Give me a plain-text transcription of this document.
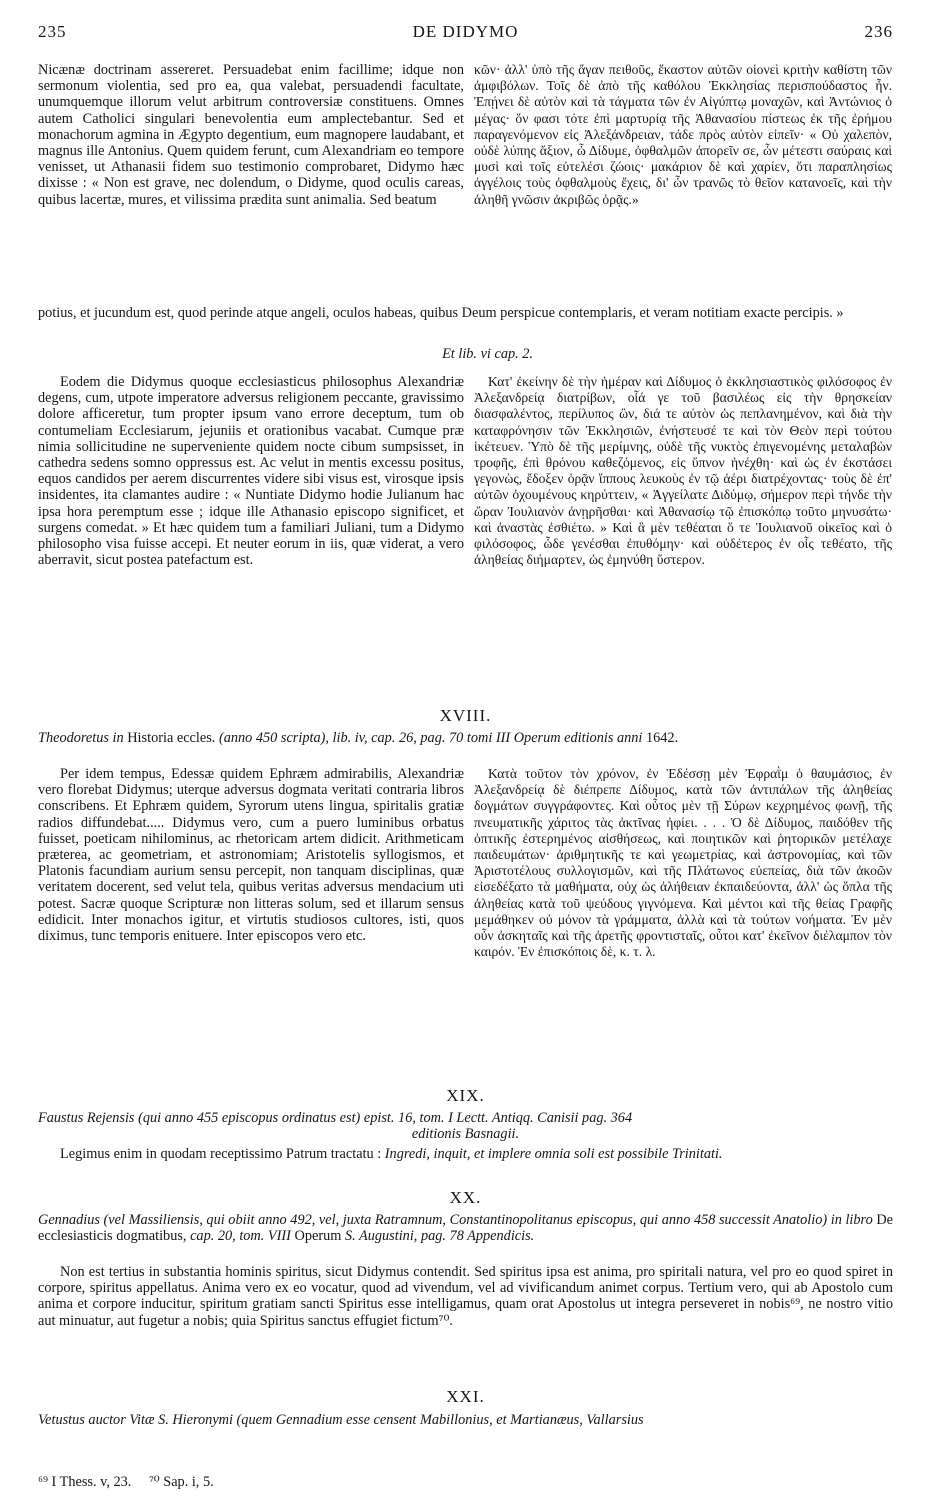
235	DE DIDYMO	236
Nicænæ doctrinam assereret. Persuadebat enim facillime; idque non sermonum violentia, sed pro ea, qua valebat, persuadendi facultate, unumquemque illorum velut arbitrum controversiæ constituens. Omnes autem Catholici singulari benevolentia eum amplectebantur. Sed et monachorum agmina in Ægypto degentium, eum magnopere laudabant, et magnus ille Antonius. Quem quidem ferunt, cum Alexandriam eo tempore venisset, ut Athanasii fidem suo testimonio comprobaret, Didymo hæc dixisse : « Non est grave, nec dolendum, o Didyme, quod oculis careas, quibus lacertæ, mures, et vilissima prædita sunt animalia. Sed beatum
κῶν· ἀλλ' ὑπὸ τῆς ἄγαν πειθοῦς, ἕκαστον αὐτῶν οἱονεὶ κριτὴν καθίστη τῶν ἀμφιβόλων. Τοῖς δὲ ἀπὸ τῆς καθόλου Ἐκκλησίας περισπούδαστος ἦν. Ἐπῄνει δὲ αὐτὸν καὶ τὰ τάγματα τῶν ἐν Αἰγύπτῳ μοναχῶν, καὶ Ἀντώνιος ὁ μέγας· ὅν φασι τότε ἐπὶ μαρτυρίᾳ τῆς Ἀθανασίου πίστεως ἐκ τῆς ἐρήμου παραγενόμενον εἰς Ἀλεξάνδρειαν, τάδε πρὸς αὐτὸν εἰπεῖν· « Οὐ χαλεπὸν, οὐδὲ λύπης ἄξιον, ὦ Δίδυμε, ὀφθαλμῶν ἀπορεῖν σε, ὧν μέτεστι σαύραις καὶ μυσὶ καὶ τοῖς εὐτελέσι ζώοις· μακάριον δὲ καὶ χαρίεν, ὅτι παραπλησίως ἀγγέλοις τοὺς ὀφθαλμοὺς ἔχεις, δι' ὧν τρανῶς τὸ θεῖον κατανοεῖς, καὶ τὴν ἀληθῆ γνῶσιν ἀκριβῶς ὁρᾷς.»
potius, et jucundum est, quod perinde atque angeli, oculos habeas, quibus Deum perspicue contemplaris, et veram notitiam exacte percipis. »
Et lib. vi cap. 2.
Eodem die Didymus quoque ecclesiasticus philosophus Alexandriæ degens, cum, utpote imperatore adversus religionem peccante, gravissimo dolore afficeretur, tum propter ipsum vano errore deceptum, tum ob contumeliam Ecclesiarum, jejuniis et orationibus vacabat. Cumque præ nimia sollicitudine ne superveniente quidem nocte cibum sumpsisset, in cathedra sedens somno oppressus est. Ac velut in mentis excessu positus, equos candidos per aerem discurrentes videre sibi visus est, virosque ipsis insidentes, ita clamantes audire : « Nuntiate Didymo hodie Julianum hac ipsa hora peremptum esse ; idque ille Athanasio episcopo significet, et surgens comedat. » Et hæc quidem tum a familiari Juliani, tum a Didymo philosopho visa fuisse accepi. Et neuter eorum in iis, quæ viderat, a vero aberravit, sicut postea patefactum est.
Κατ' ἐκείνην δὲ τὴν ἡμέραν καὶ Δίδυμος ὁ ἐκκλησιαστικὸς φιλόσοφος ἐν Ἀλεξανδρείᾳ διατρίβων, οἷά γε τοῦ βασιλέως εἰς τὴν θρησκείαν διασφαλέντος, περίλυπος ὢν, διά τε αὐτὸν ὡς πεπλανημένον, καὶ διὰ τὴν καταφρόνησιν τῶν Ἐκκλησιῶν, ἐνήστευσέ τε καὶ τὸν Θεὸν περὶ τούτου ἱκέτευεν. Ὑπὸ δὲ τῆς μερίμνης, οὐδὲ τῆς νυκτὸς ἐπιγενομένης μεταλαβὼν τροφῆς, ἐπὶ θρόνου καθεζόμενος, εἰς ὕπνον ἠνέχθη· καὶ ὡς ἐν ἐκστάσει γεγονὼς, ἔδοξεν ὁρᾷν ἵππους λευκοὺς ἐν τῷ ἀέρι διατρέχοντας· τοὺς δὲ ἐπ' αὐτῶν ὀχουμένους κηρύττειν, « Ἀγγείλατε Διδύμῳ, σήμερον περὶ τήνδε τὴν ὥραν Ἰουλιανὸν ἀνῃρῆσθαι· καὶ Ἀθανασίῳ τῷ ἐπισκόπῳ τοῦτο μηνυσάτω· καὶ ἀναστὰς ἐσθιέτω. » Καὶ ἃ μὲν τεθέαται ὅ τε Ἰουλιανοῦ οἰκεῖος καὶ ὁ φιλόσοφος, ὧδε γενέσθαι ἐπυθόμην· καὶ οὐδέτερος ἐν οἷς τεθέατο, τῆς ἀληθείας διήμαρτεν, ὡς ἐμηνύθη ὕστερον.
XVIII.
Theodoretus in Historia eccles. (anno 450 scripta), lib. iv, cap. 26, pag. 70 tomi III Operum editionis anni 1642.
Per idem tempus, Edessæ quidem Ephræm admirabilis, Alexandriæ vero florebat Didymus; uterque adversus dogmata veritati contraria libros conscribens. Et Ephræm quidem, Syrorum utens lingua, spiritalis gratiæ radios diffundebat..... Didymus vero, cum a puero luminibus orbatus fuisset, poeticam nihilominus, ac rhetoricam artem didicit. Arithmeticam præterea, ac geometriam, et astronomiam; Aristotelis syllogismos, et Platonis facundiam aurium sensu percepit, non tanquam disciplinas, quæ veritatem docerent, sed velut tela, quibus veritas adversus mendacium uti potest. Sacræ quoque Scripturæ non litteras solum, sed et illarum sensus edidicit. Inter monachos igitur, et virtutis studiosos cultores, isti, quos diximus, tunc temporis enituere. Inter episcopos vero etc.
Κατὰ τοῦτον τὸν χρόνον, ἐν Ἐδέσσῃ μὲν Ἐφραῒμ ὁ θαυμάσιος, ἐν Ἀλεξανδρείᾳ δὲ διέπρεπε Δίδυμος, κατὰ τῶν ἀντιπάλων τῆς ἀληθείας δογμάτων συγγράφοντες. Καὶ οὗτος μὲν τῇ Σύρων κεχρημένος φωνῇ, τῆς πνευματικῆς χάριτος τὰς ἀκτῖνας ἠφίει. . . . Ὁ δὲ Δίδυμος, παιδόθεν τῆς ὀπτικῆς ἐστερημένος αἰσθήσεως, καὶ ποιητικῶν καὶ ῥητορικῶν μετέλαχε παιδευμάτων· ἀριθμητικῆς τε καὶ γεωμετρίας, καὶ ἀστρονομίας, καὶ τῶν Ἀριστοτέλους συλλογισμῶν, καὶ τῆς Πλάτωνος εὐεπείας, διὰ τῶν ἀκοῶν εἰσεδέξατο τὰ μαθήματα, οὐχ ὡς ἀλήθειαν ἐκπαιδεύοντα, ἀλλ' ὡς ὅπλα τῆς ἀληθείας κατὰ τοῦ ψεύδους γιγνόμενα. Καὶ μέντοι καὶ τῆς θείας Γραφῆς μεμάθηκεν οὐ μόνον τὰ γράμματα, ἀλλὰ καὶ τὰ τούτων νοήματα. Ἐν μὲν οὖν ἀσκηταῖς καὶ τῆς ἀρετῆς φροντισταῖς, οὗτοι κατ' ἐκεῖνον διέλαμπον τὸν καιρόν. Ἐν ἐπισκόποις δὲ, κ. τ. λ.
XIX.
Faustus Rejensis (qui anno 455 episcopus ordinatus est) epist. 16, tom. I Lectt. Antiqq. Canisii pag. 364
editionis Basnagii.

Legimus enim in quodam receptissimo Patrum tractatu : Ingredi, inquit, et implere omnia soli est possibile Trinitati.

XX.
Gennadius (vel Massiliensis, qui obiit anno 492, vel, juxta Ratramnum, Constantinopolitanus episcopus, qui anno 458 successit Anatolio) in libro De ecclesiasticis dogmatibus, cap. 20, tom. VIII Operum S. Augustini, pag. 78 Appendicis.

Non est tertius in substantia hominis spiritus, sicut Didymus contendit. Sed spiritus ipsa est anima, pro spiritali natura, vel pro eo quod spiret in corpore, spiritus appellatus. Anima vero ex eo vocatur, quod ad vivendum, vel ad vivificandum animet corpus. Tertium vero, qui ab Apostolo cum anima et corpore inducitur, spiritum gratiam sancti Spiritus esse intelligamus, quam orat Apostolus ut integra perseveret in nobis⁶⁹, ne nostro vitio aut minuatur, aut fugetur a nobis; quia Spiritus sanctus effugiet fictum⁷⁰.

XXI.
Vetustus auctor Vitæ S. Hieronymi (quem Gennadium esse censent Mabillonius, et Martianæus, Vallarsius
⁶⁹ I Thess. v, 23. ⁷⁰ Sap. i, 5.
